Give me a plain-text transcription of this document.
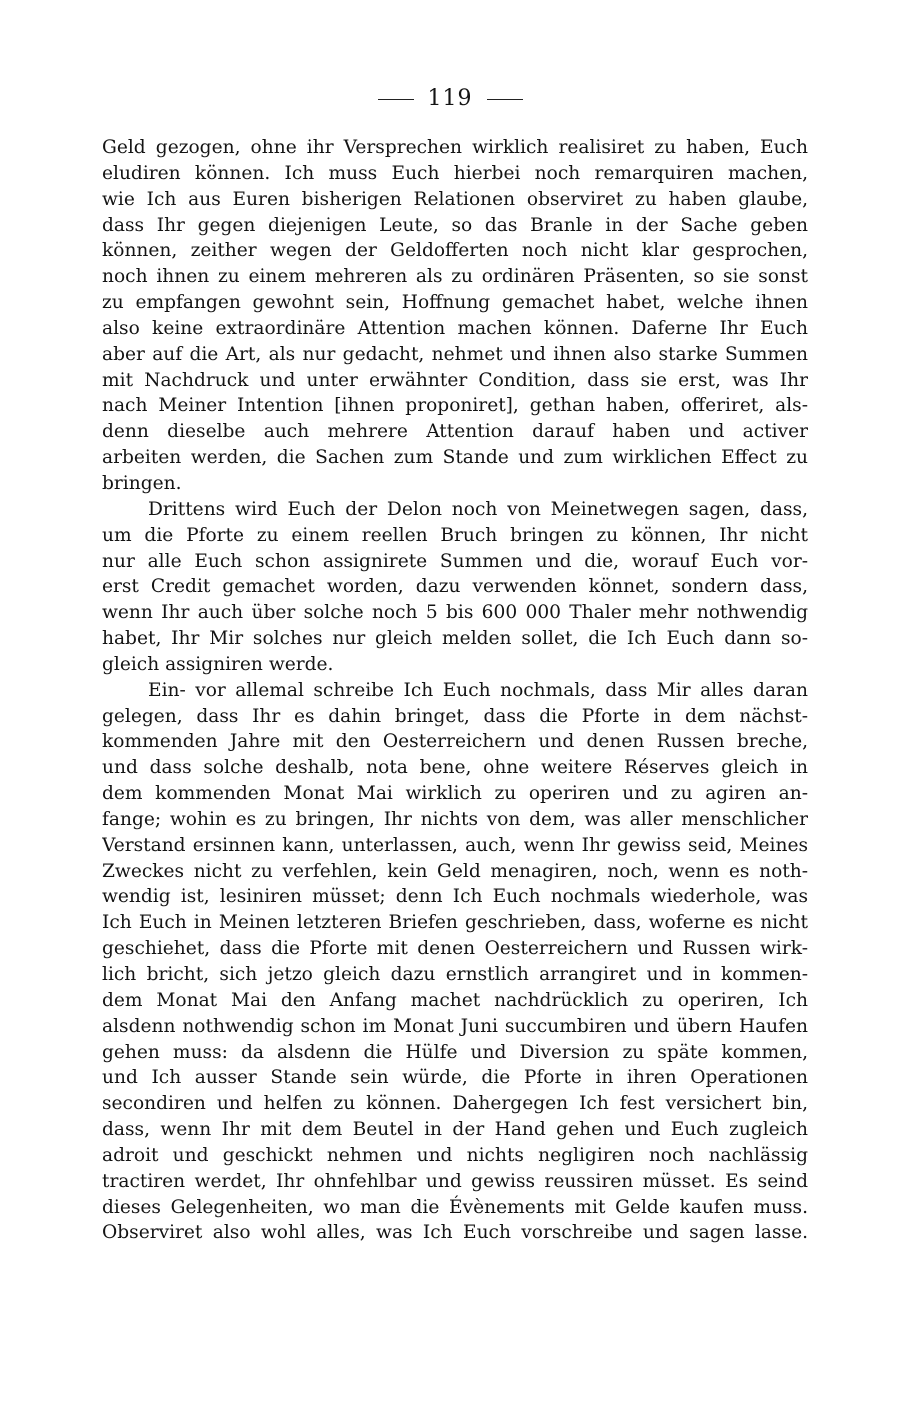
119
Geld gezogen, ohne ihr Versprechen wirklich realisiret zu haben, Euch
eludiren können. Ich muss Euch hierbei noch remarquiren machen,
wie Ich aus Euren bisherigen Relationen observiret zu haben glaube,
dass Ihr gegen diejenigen Leute, so das Branle in der Sache geben
können, zeither wegen der Geldofferten noch nicht klar gesprochen,
noch ihnen zu einem mehreren als zu ordinären Präsenten, so sie sonst
zu empfangen gewohnt sein, Hoffnung gemachet habet, welche ihnen
also keine extraordinäre Attention machen können. Daferne Ihr Euch
aber auf die Art, als nur gedacht, nehmet und ihnen also starke Summen
mit Nachdruck und unter erwähnter Condition, dass sie erst, was Ihr
nach Meiner Intention [ihnen proponiret], gethan haben, offeriret, als-
denn dieselbe auch mehrere Attention darauf haben und activer
arbeiten werden, die Sachen zum Stande und zum wirklichen Effect zu
bringen.
Drittens wird Euch der Delon noch von Meinetwegen sagen, dass,
um die Pforte zu einem reellen Bruch bringen zu können, Ihr nicht
nur alle Euch schon assignirete Summen und die, worauf Euch vor-
erst Credit gemachet worden, dazu verwenden könnet, sondern dass,
wenn Ihr auch über solche noch 5 bis 600 000 Thaler mehr nothwendig
habet, Ihr Mir solches nur gleich melden sollet, die Ich Euch dann so-
gleich assigniren werde.
Ein- vor allemal schreibe Ich Euch nochmals, dass Mir alles daran
gelegen, dass Ihr es dahin bringet, dass die Pforte in dem nächst-
kommenden Jahre mit den Oesterreichern und denen Russen breche,
und dass solche deshalb, nota bene, ohne weitere Réserves gleich in
dem kommenden Monat Mai wirklich zu operiren und zu agiren an-
fange; wohin es zu bringen, Ihr nichts von dem, was aller menschlicher
Verstand ersinnen kann, unterlassen, auch, wenn Ihr gewiss seid, Meines
Zweckes nicht zu verfehlen, kein Geld menagiren, noch, wenn es noth-
wendig ist, lesiniren müsset; denn Ich Euch nochmals wiederhole, was
Ich Euch in Meinen letzteren Briefen geschrieben, dass, woferne es nicht
geschiehet, dass die Pforte mit denen Oesterreichern und Russen wirk-
lich bricht, sich jetzo gleich dazu ernstlich arrangiret und in kommen-
dem Monat Mai den Anfang machet nachdrücklich zu operiren, Ich
alsdenn nothwendig schon im Monat Juni succumbiren und übern Haufen
gehen muss: da alsdenn die Hülfe und Diversion zu späte kommen,
und Ich ausser Stande sein würde, die Pforte in ihren Operationen
secondiren und helfen zu können. Dahergegen Ich fest versichert bin,
dass, wenn Ihr mit dem Beutel in der Hand gehen und Euch zugleich
adroit und geschickt nehmen und nichts negligiren noch nachlässig
tractiren werdet, Ihr ohnfehlbar und gewiss reussiren müsset. Es seind
dieses Gelegenheiten, wo man die Évènements mit Gelde kaufen muss.
Observiret also wohl alles, was Ich Euch vorschreibe und sagen lasse.
